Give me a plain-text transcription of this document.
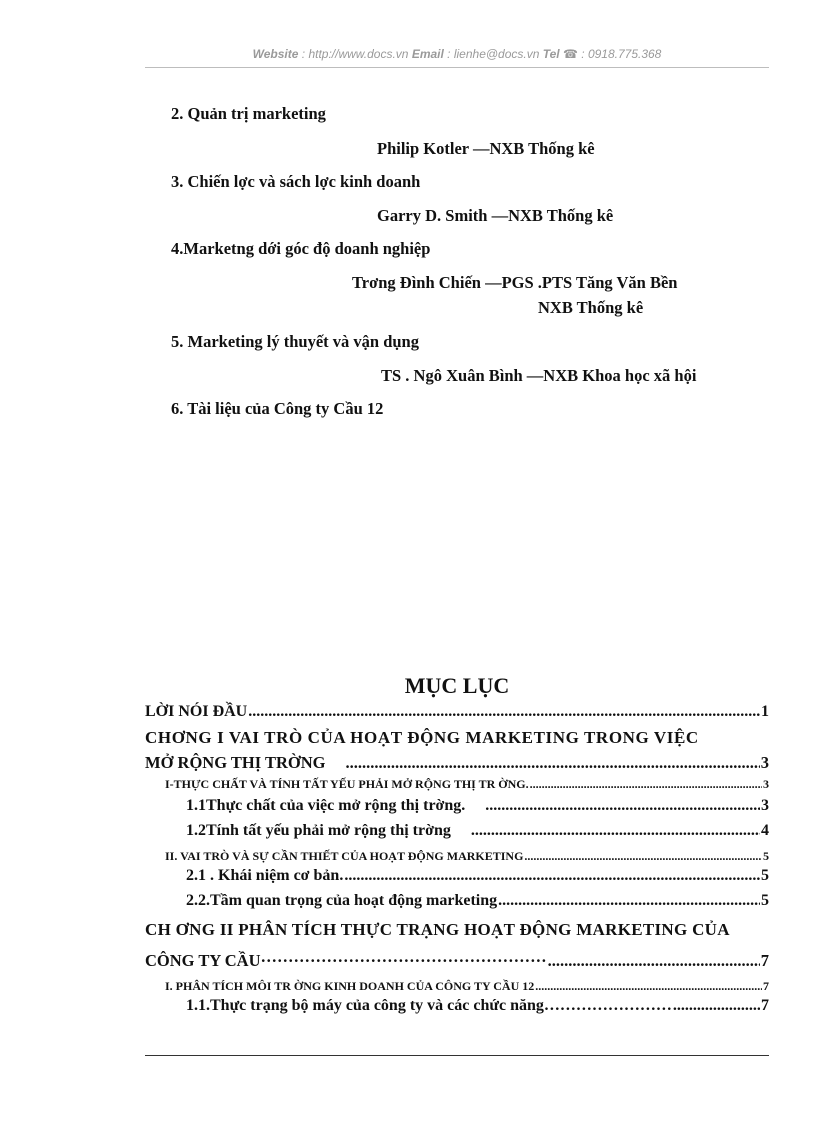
Website : http://www.docs.vn Email : lienhe@docs.vn Tel ☎ : 0918.775.368
2. Quản trị marketing
Philip Kotler —NXB Thống kê
3. Chiến lợc và sách lợc kinh doanh
Garry D. Smith —NXB Thống kê
4.Marketng dới góc độ doanh nghiệp
Trơng Đình Chiến —PGS .PTS Tăng Văn Bền
NXB Thống kê
5. Marketing lý thuyết và vận dụng
TS . Ngô Xuân Bình —NXB Khoa học xã hội
6. Tài liệu của Công ty Cầu 12
MỤC LỤC
LỜI NÓI ĐẦU .....	1
CHƠNG I VAI TRÒ CỦA HOẠT ĐỘNG MARKETING TRONG VIỆC
MỞ RỘNG THỊ TRỜNG .....	3
I-THỰC CHẤT VÀ TÍNH TẤT YẾU PHẢI MỞ RỘNG THỊ TR ỜNG. .....	3
1.1Thực chất của việc mở rộng thị trờng. .....	3
1.2Tính tất yếu phải mở rộng thị trờng .....	4
II. VAI TRÒ VÀ SỰ CẦN THIẾT CỦA HOẠT ĐỘNG MARKETING .....	5
2.1 . Khái niệm cơ bản. .....	5
2.2.Tầm quan trọng của hoạt động marketing .....	5
CH ƠNG II PHÂN TÍCH THỰC TRẠNG HOẠT ĐỘNG MARKETING CỦA
CÔNG TY CẦU···················································· .....	7
I. PHÂN TÍCH MÔI TR ỜNG KINH DOANH CỦA CÔNG TY CẦU 12 .....	7
1.1.Thực trạng bộ máy của công ty và các chức năng…………………… .....	7
